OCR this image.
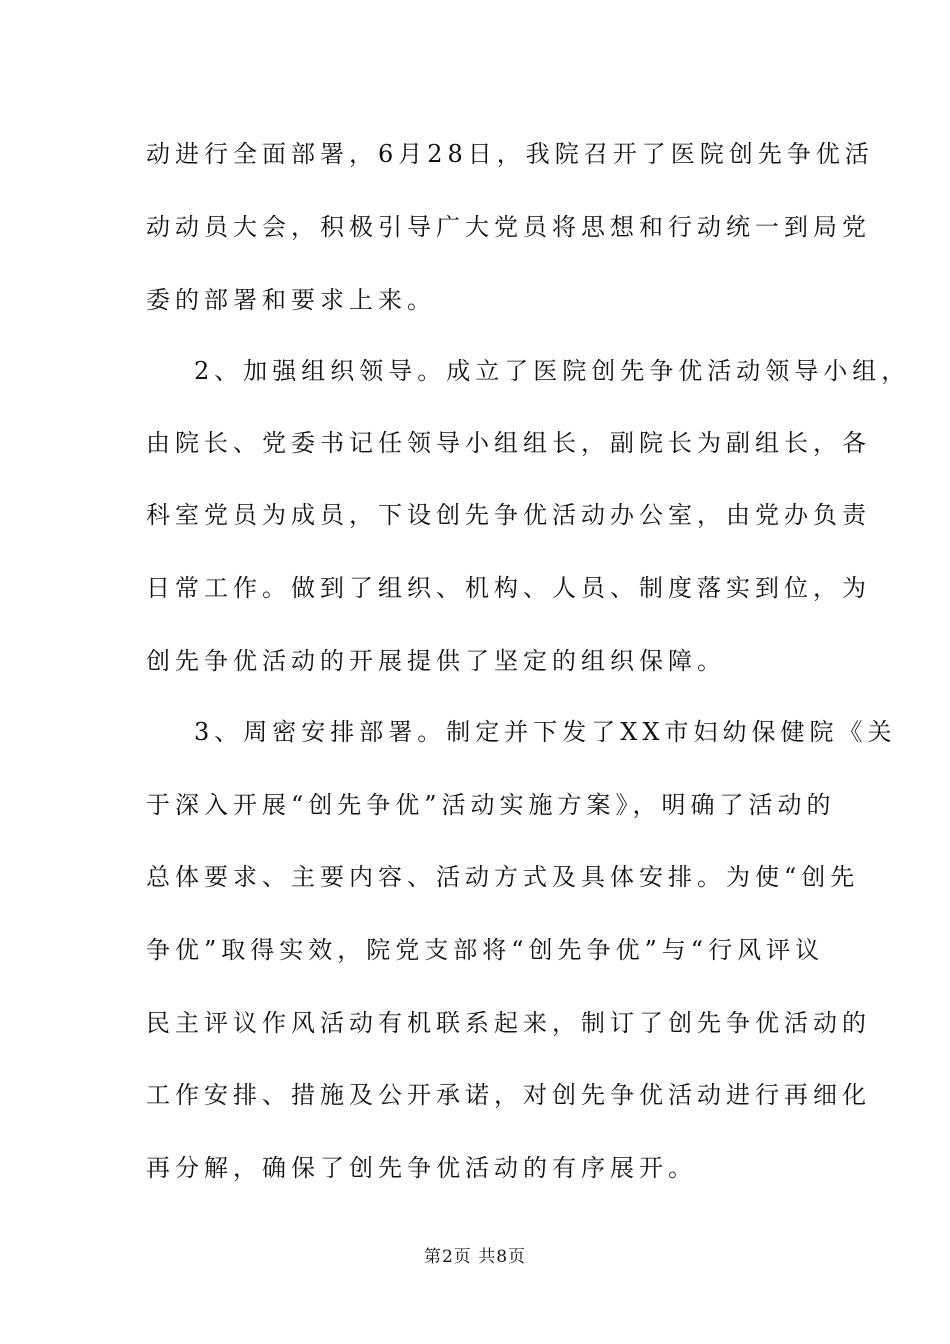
动进行全面部署，6月28日，我院召开了医院创先争优活
动动员大会，积极引导广大党员将思想和行动统一到局党
委的部署和要求上来。
2、加强组织领导。成立了医院创先争优活动领导小组，
由院长、党委书记任领导小组组长，副院长为副组长，各
科室党员为成员，下设创先争优活动办公室，由党办负责
日常工作。做到了组织、机构、人员、制度落实到位，为
创先争优活动的开展提供了坚定的组织保障。
3、周密安排部署。制定并下发了XX市妇幼保健院《关
于深入开展“创先争优”活动实施方案》，明确了活动的
总体要求、主要内容、活动方式及具体安排。为使“创先
争优”取得实效，院党支部将“创先争优”与“行风评议
民主评议作风活动有机联系起来，制订了创先争优活动的
工作安排、措施及公开承诺，对创先争优活动进行再细化
再分解，确保了创先争优活动的有序展开。
第2页 共8页
